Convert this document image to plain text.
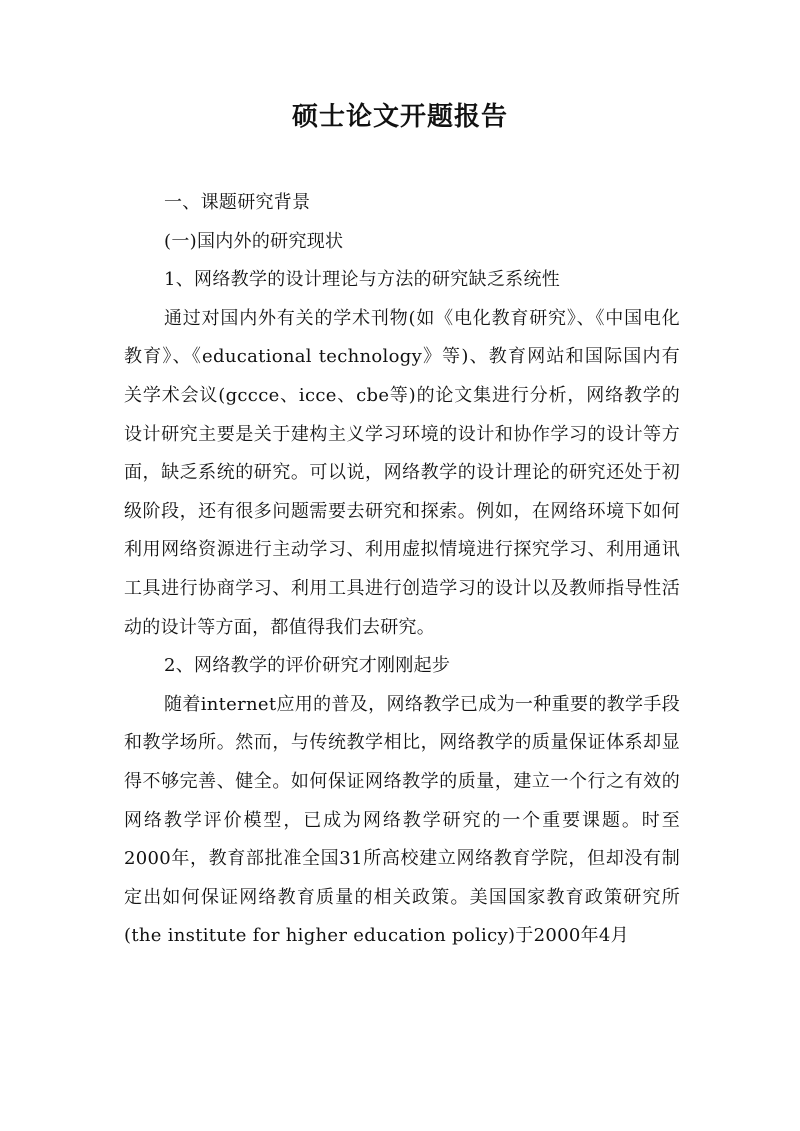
硕士论文开题报告

一、课题研究背景

(一)国内外的研究现状

1、网络教学的设计理论与方法的研究缺乏系统性

通过对国内外有关的学术刊物(如《电化教育研究》、《中国电化教育》、《educational technology》等)、教育网站和国际国内有关学术会议(gccce、icce、cbe等)的论文集进行分析，网络教学的设计研究主要是关于建构主义学习环境的设计和协作学习的设计等方面，缺乏系统的研究。可以说，网络教学的设计理论的研究还处于初级阶段，还有很多问题需要去研究和探索。例如，在网络环境下如何利用网络资源进行主动学习、利用虚拟情境进行探究学习、利用通讯工具进行协商学习、利用工具进行创造学习的设计以及教师指导性活动的设计等方面，都值得我们去研究。

2、网络教学的评价研究才刚刚起步

随着internet应用的普及，网络教学已成为一种重要的教学手段和教学场所。然而，与传统教学相比，网络教学的质量保证体系却显得不够完善、健全。如何保证网络教学的质量，建立一个行之有效的网络教学评价模型，已成为网络教学研究的一个重要课题。时至2000年，教育部批准全国31所高校建立网络教育学院，但却没有制定出如何保证网络教育质量的相关政策。美国国家教育政策研究所(the institute for higher education policy)于2000年4月
